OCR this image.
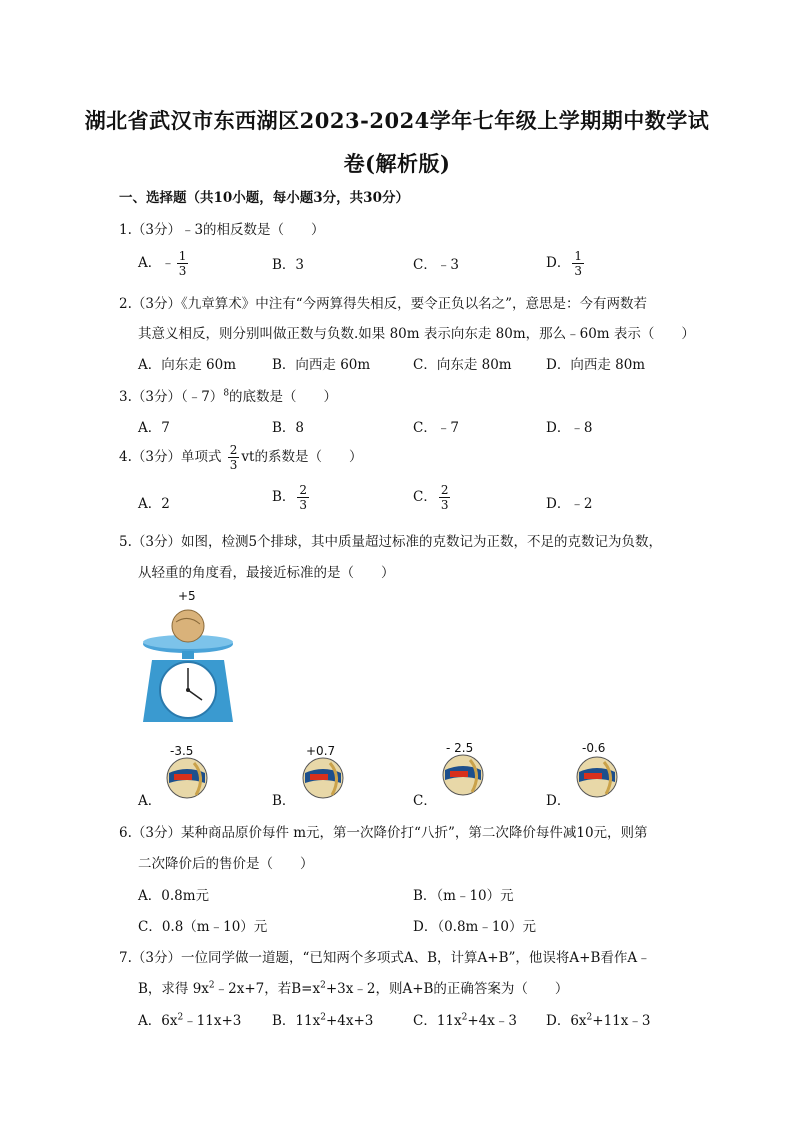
湖北省武汉市东西湖区2023-2024学年七年级上学期期中数学试
卷(解析版)
一、选择题（共10小题，每小题3分，共30分）
1.（3分）﹣3的相反数是（　　）
A．﹣ $\frac{1}{3}$	B．3	C．﹣3	D． $\frac{1}{3}$
2.（3分）《九章算术》中注有“今两算得失相反，要令正负以名之”，意思是：今有两数若
其意义相反，则分别叫做正数与负数.如果 80m 表示向东走 80m，那么﹣60m 表示（　　）
A．向东走 60m	B．向西走 60m	C．向东走 80m	D．向西走 80m
3.（3分）（﹣7）$^8$的底数是（　　）
A．7	B．8	C．﹣7	D．﹣8
4.（3分）单项式 $\frac{2}{3}$ vt的系数是（　　）
A．2	B． $\frac{2}{3}$	C． $\frac{2}{3}$	D．﹣2
5.（3分）如图，检测5个排球，其中质量超过标准的克数记为正数，不足的克数记为负数，
从轻重的角度看，最接近标准的是（　　）
+5
A．
-3.5
B．
+0.7
C．
- 2.5
D．
-0.6
6.（3分）某种商品原价每件 m元，第一次降价打“八折”，第二次降价每件减10元，则第
二次降价后的售价是（　　）
A．0.8m元	B．（m﹣10）元
C．0.8（m﹣10）元	D．（0.8m﹣10）元
7.（3分）一位同学做一道题，“已知两个多项式A、B，计算A+B”，他误将A+B看作A﹣
B，求得 $9x^2﹣2x+7$，若$B=x^2+3x﹣2$，则A+B的正确答案为（　　）
A．$6x^2﹣11x+3$ B．$11x^2+4x+3$	C．$11x^2+4x﹣3$ D．$6x^2+11x﹣3$
